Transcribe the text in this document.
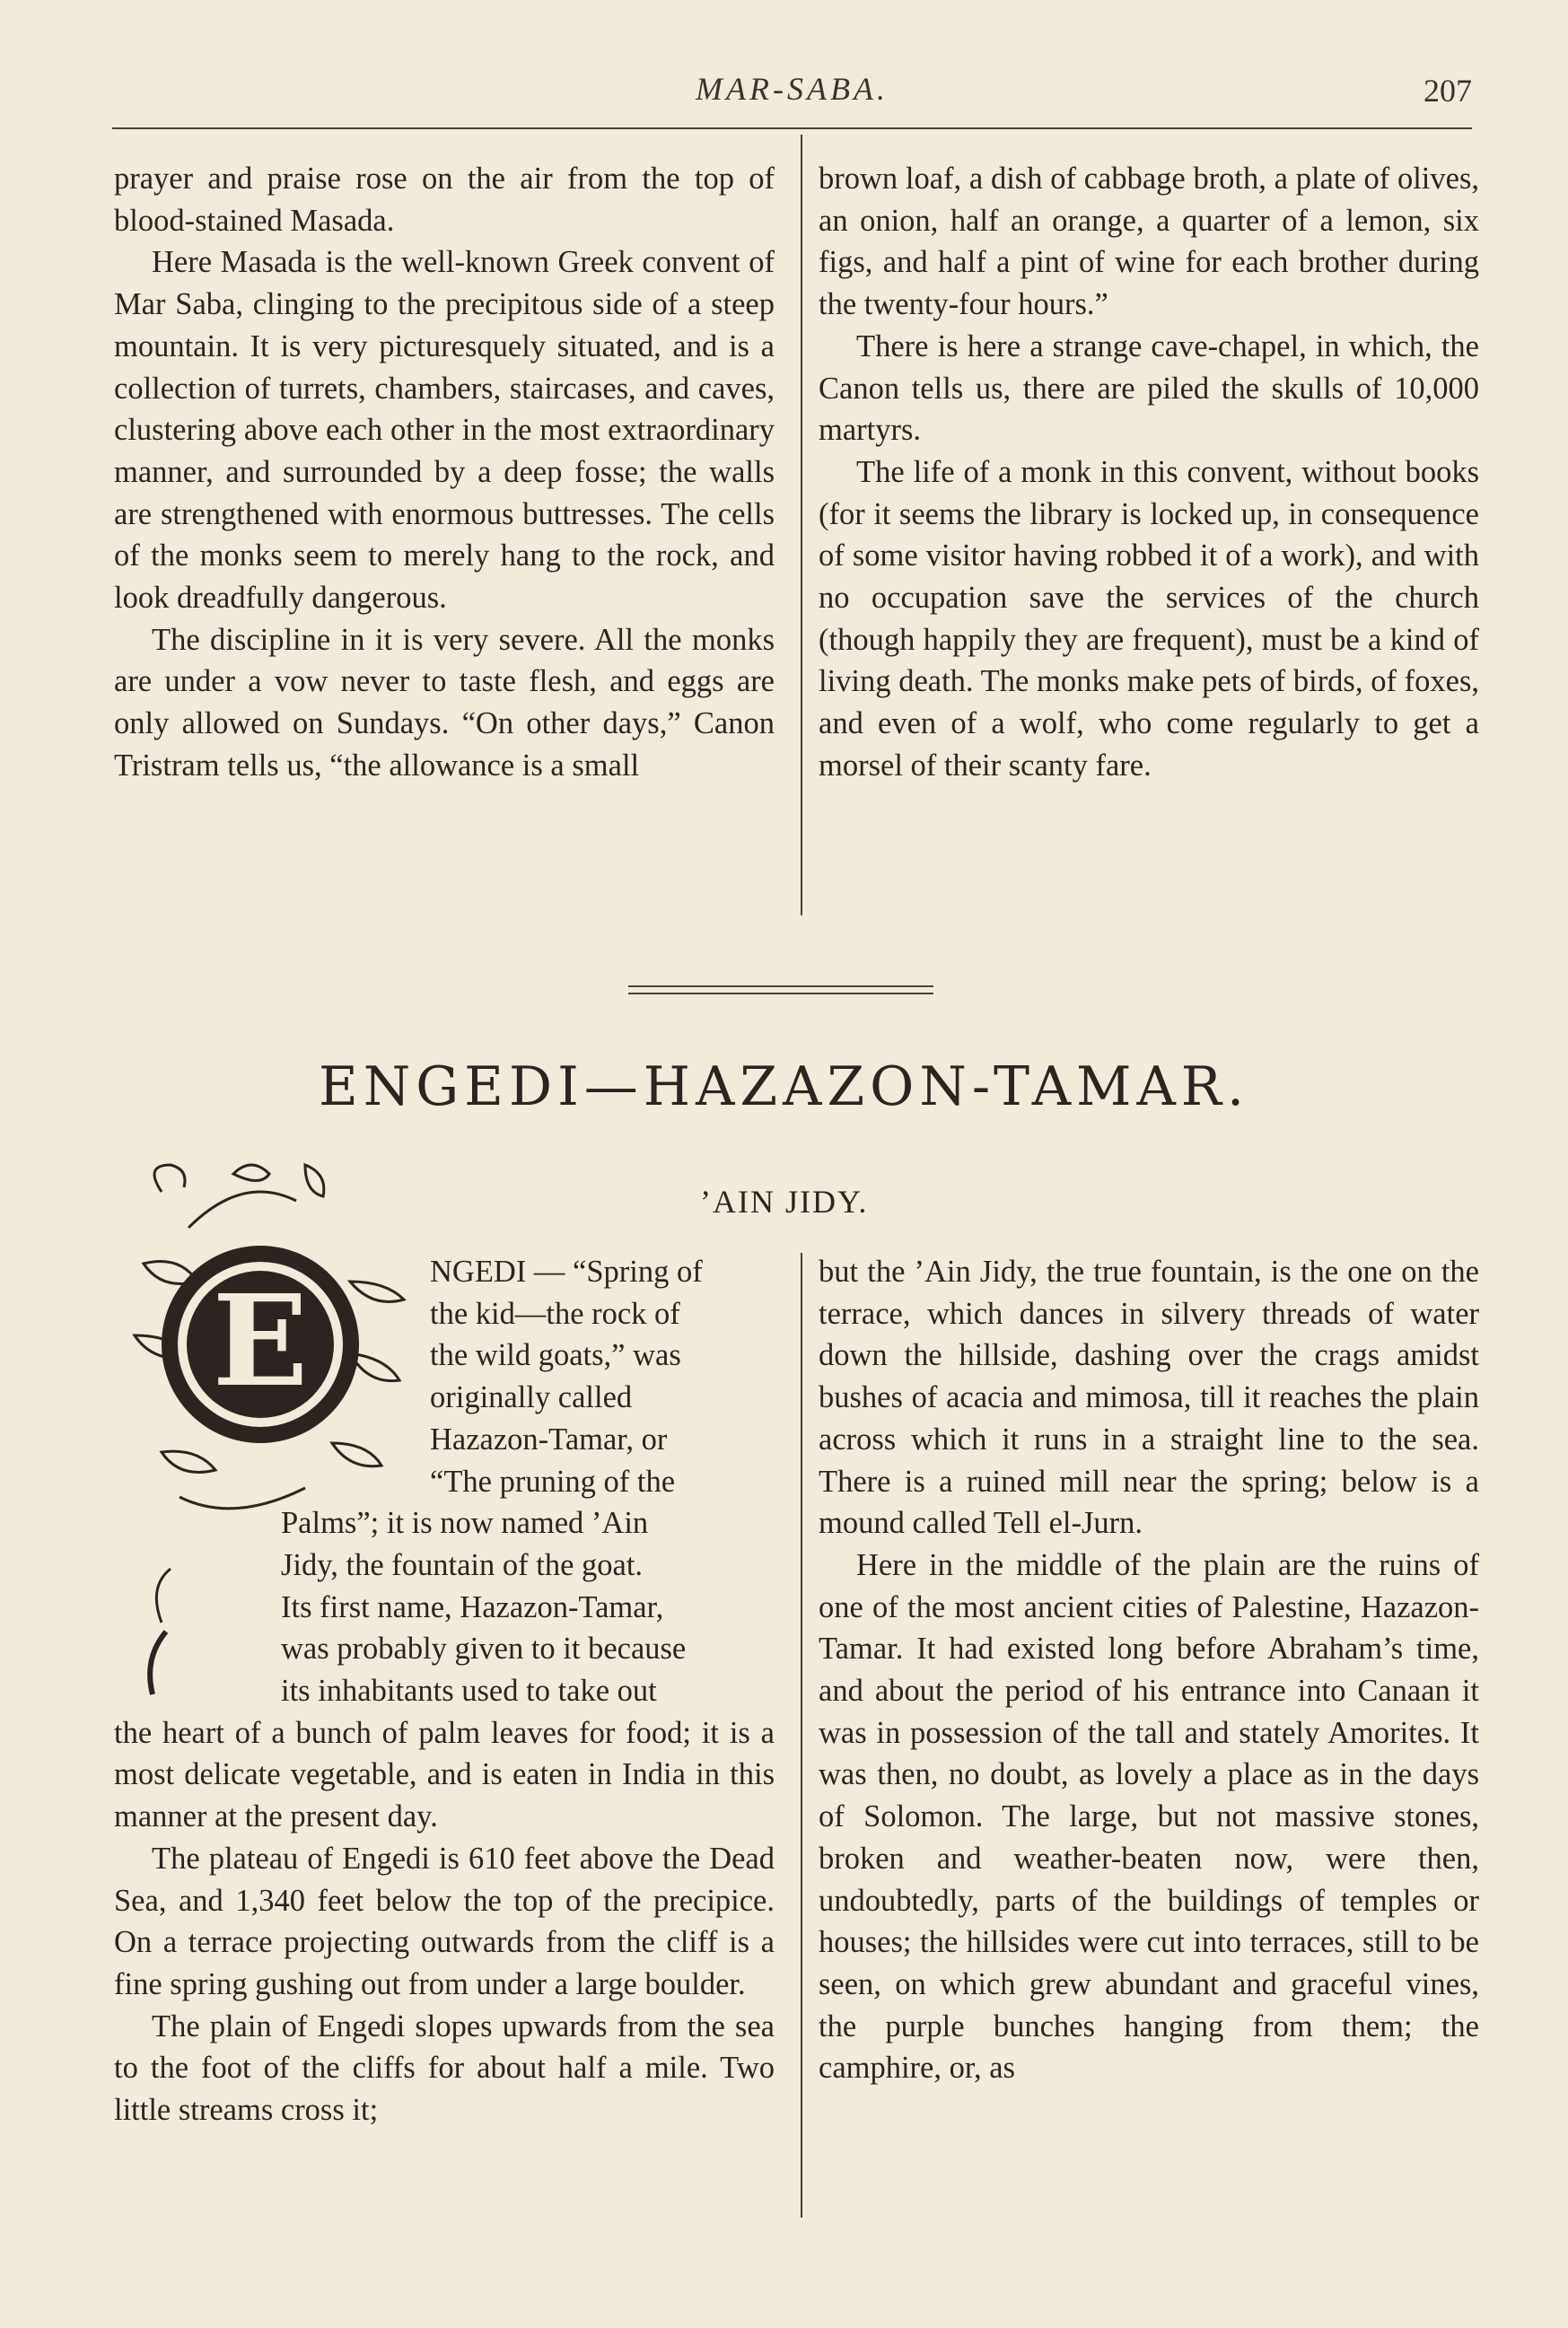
MAR-SABA.	207

prayer and praise rose on the air from the top of blood-stained Masada.

Here Masada is the well-known Greek convent of Mar Saba, clinging to the precipitous side of a steep mountain. It is very picturesquely situated, and is a collection of turrets, chambers, staircases, and caves, clustering above each other in the most extraordinary manner, and surrounded by a deep fosse; the walls are strengthened with enormous buttresses. The cells of the monks seem to merely hang to the rock, and look dreadfully dangerous.

The discipline in it is very severe. All the monks are under a vow never to taste flesh, and eggs are only allowed on Sundays. “On other days,” Canon Tristram tells us, “the allowance is a small

brown loaf, a dish of cabbage broth, a plate of olives, an onion, half an orange, a quarter of a lemon, six figs, and half a pint of wine for each brother during the twenty-four hours.”

There is here a strange cave-chapel, in which, the Canon tells us, there are piled the skulls of 10,000 martyrs.

The life of a monk in this convent, without books (for it seems the library is locked up, in consequence of some visitor having robbed it of a work), and with no occupation save the services of the church (though happily they are frequent), must be a kind of living death. The monks make pets of birds, of foxes, and even of a wolf, who come regularly to get a morsel of their scanty fare.

ENGEDI—HAZAZON-TAMAR.
’AIN JIDY.
E	NGEDI — “Spring of
the kid—the rock of
the wild goats,” was
originally called
Hazazon-Tamar, or
“The pruning of the
Palms”; it is now named ’Ain
Jidy, the fountain of the goat.
Its first name, Hazazon-Tamar,
was probably given to it because
its inhabitants used to take out

the heart of a bunch of palm leaves for food; it is a most delicate vegetable, and is eaten in India in this manner at the present day.

The plateau of Engedi is 610 feet above the Dead Sea, and 1,340 feet below the top of the precipice. On a terrace projecting outwards from the cliff is a fine spring gushing out from under a large boulder.

The plain of Engedi slopes upwards from the sea to the foot of the cliffs for about half a mile. Two little streams cross it;

but the ’Ain Jidy, the true fountain, is the one on the terrace, which dances in silvery threads of water down the hillside, dashing over the crags amidst bushes of acacia and mimosa, till it reaches the plain across which it runs in a straight line to the sea. There is a ruined mill near the spring; below is a mound called Tell el-Jurn.

Here in the middle of the plain are the ruins of one of the most ancient cities of Palestine, Hazazon-Tamar. It had existed long before Abraham’s time, and about the period of his entrance into Canaan it was in possession of the tall and stately Amorites. It was then, no doubt, as lovely a place as in the days of Solomon. The large, but not massive stones, broken and weather-beaten now, were then, undoubtedly, parts of the buildings of temples or houses; the hillsides were cut into terraces, still to be seen, on which grew abundant and graceful vines, the purple bunches hanging from them; the camphire, or, as
